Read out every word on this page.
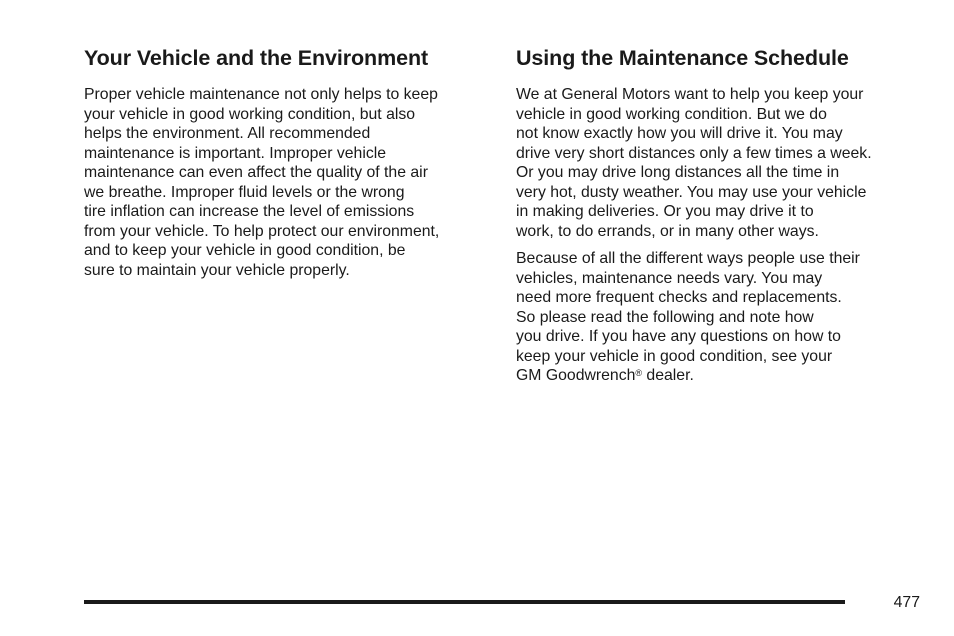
Your Vehicle and the Environment

Proper vehicle maintenance not only helps to keep
your vehicle in good working condition, but also
helps the environment. All recommended
maintenance is important. Improper vehicle
maintenance can even affect the quality of the air
we breathe. Improper fluid levels or the wrong
tire inflation can increase the level of emissions
from your vehicle. To help protect our environment,
and to keep your vehicle in good condition, be
sure to maintain your vehicle properly.

Using the Maintenance Schedule

We at General Motors want to help you keep your
vehicle in good working condition. But we do
not know exactly how you will drive it. You may
drive very short distances only a few times a week.
Or you may drive long distances all the time in
very hot, dusty weather. You may use your vehicle
in making deliveries. Or you may drive it to
work, to do errands, or in many other ways.

Because of all the different ways people use their
vehicles, maintenance needs vary. You may
need more frequent checks and replacements.
So please read the following and note how
you drive. If you have any questions on how to
keep your vehicle in good condition, see your
GM Goodwrench® dealer.

477
